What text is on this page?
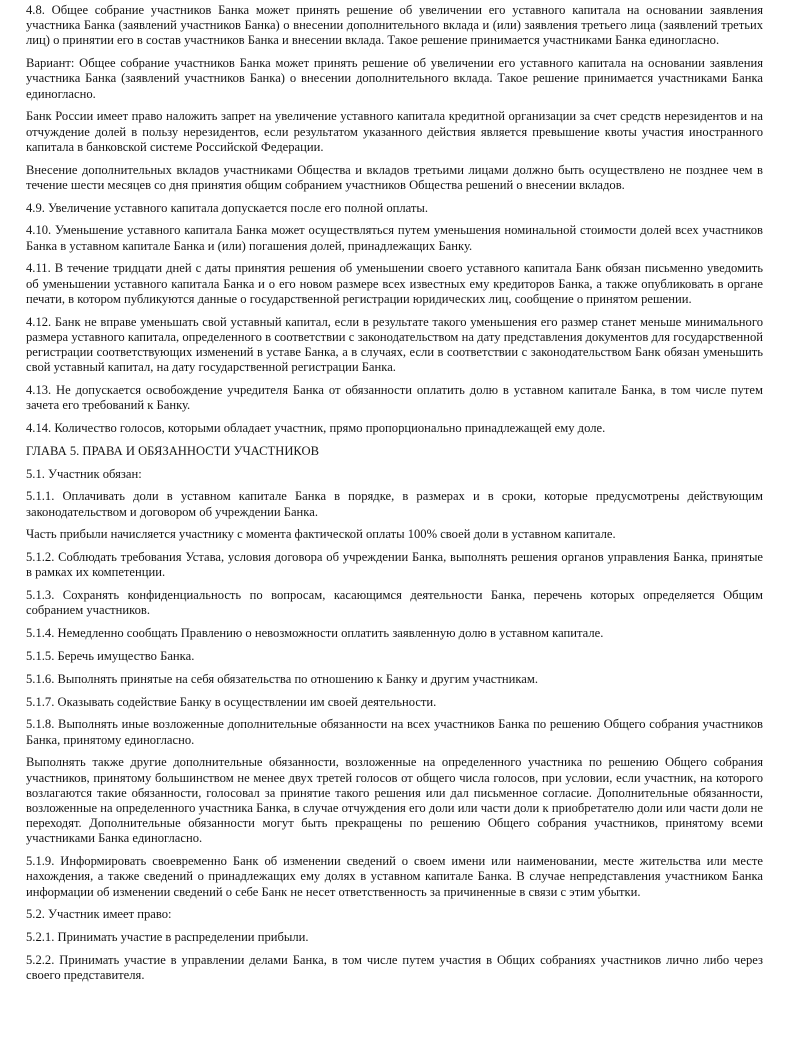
4.8. Общее собрание участников Банка может принять решение об увеличении его уставного капитала на основании заявления участника Банка (заявлений участников Банка) о внесении дополнительного вклада и (или) заявления третьего лица (заявлений третьих лиц) о принятии его в состав участников Банка и внесении вклада. Такое решение принимается участниками Банка единогласно.

Вариант: Общее собрание участников Банка может принять решение об увеличении его уставного капитала на основании заявления участника Банка (заявлений участников Банка) о внесении дополнительного вклада. Такое решение принимается участниками Банка единогласно.

Банк России имеет право наложить запрет на увеличение уставного капитала кредитной организации за счет средств нерезидентов и на отчуждение долей в пользу нерезидентов, если результатом указанного действия является превышение квоты участия иностранного капитала в банковской системе Российской Федерации.

Внесение дополнительных вкладов участниками Общества и вкладов третьими лицами должно быть осуществлено не позднее чем в течение шести месяцев со дня принятия общим собранием участников Общества решений о внесении вкладов.

4.9. Увеличение уставного капитала допускается после его полной оплаты.

4.10. Уменьшение уставного капитала Банка может осуществляться путем уменьшения номинальной стоимости долей всех участников Банка в уставном капитале Банка и (или) погашения долей, принадлежащих Банку.

4.11. В течение тридцати дней с даты принятия решения об уменьшении своего уставного капитала Банк обязан письменно уведомить об уменьшении уставного капитала Банка и о его новом размере всех известных ему кредиторов Банка, а также опубликовать в органе печати, в котором публикуются данные о государственной регистрации юридических лиц, сообщение о принятом решении.

4.12. Банк не вправе уменьшать свой уставный капитал, если в результате такого уменьшения его размер станет меньше минимального размера уставного капитала, определенного в соответствии с законодательством на дату представления документов для государственной регистрации соответствующих изменений в уставе Банка, а в случаях, если в соответствии с законодательством Банк обязан уменьшить свой уставный капитал, на дату государственной регистрации Банка.

4.13. Не допускается освобождение учредителя Банка от обязанности оплатить долю в уставном капитале Банка, в том числе путем зачета его требований к Банку.

4.14. Количество голосов, которыми обладает участник, прямо пропорционально принадлежащей ему доле.

ГЛАВА 5. ПРАВА И ОБЯЗАННОСТИ УЧАСТНИКОВ

5.1. Участник обязан:

5.1.1. Оплачивать доли в уставном капитале Банка в порядке, в размерах и в сроки, которые предусмотрены действующим законодательством и договором об учреждении Банка.

Часть прибыли начисляется участнику с момента фактической оплаты 100% своей доли в уставном капитале.

5.1.2. Соблюдать требования Устава, условия договора об учреждении Банка, выполнять решения органов управления Банка, принятые в рамках их компетенции.

5.1.3. Сохранять конфиденциальность по вопросам, касающимся деятельности Банка, перечень которых определяется Общим собранием участников.

5.1.4. Немедленно сообщать Правлению о невозможности оплатить заявленную долю в уставном капитале.

5.1.5. Беречь имущество Банка.

5.1.6. Выполнять принятые на себя обязательства по отношению к Банку и другим участникам.

5.1.7. Оказывать содействие Банку в осуществлении им своей деятельности.

5.1.8. Выполнять иные возложенные дополнительные обязанности на всех участников Банка по решению Общего собрания участников Банка, принятому единогласно.

Выполнять также другие дополнительные обязанности, возложенные на определенного участника по решению Общего собрания участников, принятому большинством не менее двух третей голосов от общего числа голосов, при условии, если участник, на которого возлагаются такие обязанности, голосовал за принятие такого решения или дал письменное согласие. Дополнительные обязанности, возложенные на определенного участника Банка, в случае отчуждения его доли или части доли к приобретателю доли или части доли не переходят. Дополнительные обязанности могут быть прекращены по решению Общего собрания участников, принятому всеми участниками Банка единогласно.

5.1.9. Информировать своевременно Банк об изменении сведений о своем имени или наименовании, месте жительства или месте нахождения, а также сведений о принадлежащих ему долях в уставном капитале Банка. В случае непредставления участником Банка информации об изменении сведений о себе Банк не несет ответственность за причиненные в связи с этим убытки.

5.2. Участник имеет право:

5.2.1. Принимать участие в распределении прибыли.

5.2.2. Принимать участие в управлении делами Банка, в том числе путем участия в Общих собраниях участников лично либо через своего представителя.
